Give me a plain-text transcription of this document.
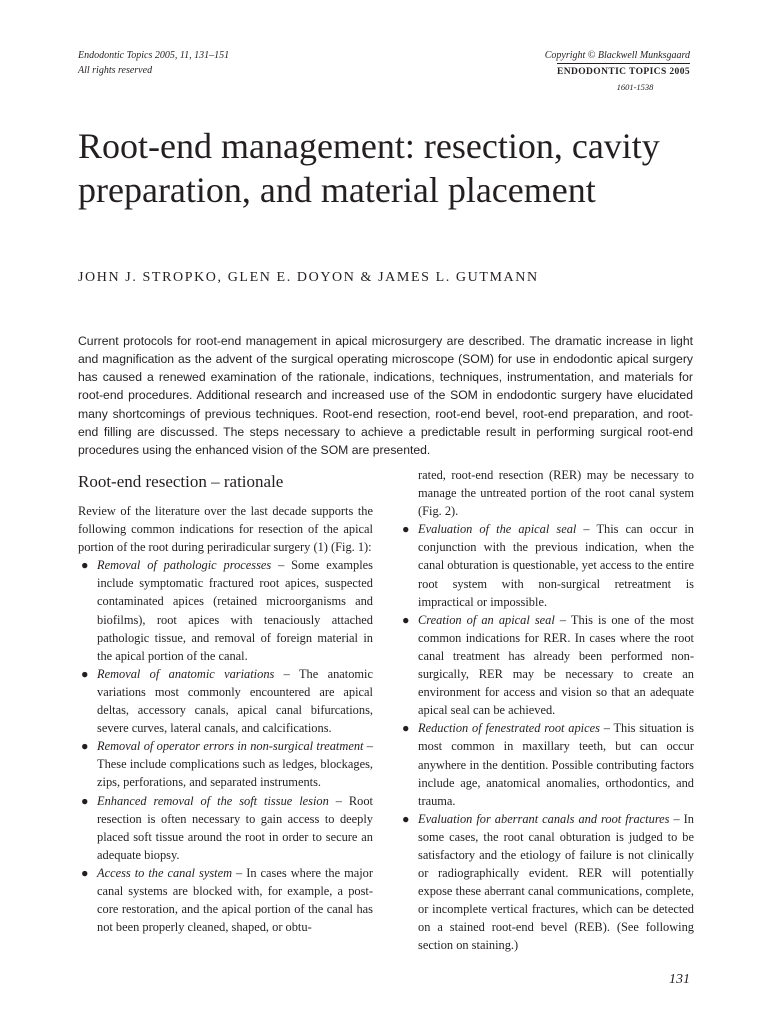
Endodontic Topics 2005, 11, 131–151
All rights reserved
Copyright © Blackwell Munksgaard
ENDODONTIC TOPICS 2005
1601-1538
Root-end management: resection, cavity preparation, and material placement
JOHN J. STROPKO, GLEN E. DOYON & JAMES L. GUTMANN

Current protocols for root-end management in apical microsurgery are described. The dramatic increase in light and magnification as the advent of the surgical operating microscope (SOM) for use in endodontic apical surgery has caused a renewed examination of the rationale, indications, techniques, instrumentation, and materials for root-end procedures. Additional research and increased use of the SOM in endodontic surgery have elucidated many shortcomings of previous techniques. Root-end resection, root-end bevel, root-end preparation, and root-end filling are discussed. The steps necessary to achieve a predictable result in performing surgical root-end procedures using the enhanced vision of the SOM are presented.

Root-end resection – rationale

Review of the literature over the last decade supports the following common indications for resection of the apical portion of the root during periradicular surgery (1) (Fig. 1):

● Removal of pathologic processes – Some examples include symptomatic fractured root apices, suspected contaminated apices (retained microorganisms and biofilms), root apices with tenaciously attached pathologic tissue, and removal of foreign material in the apical portion of the canal.
● Removal of anatomic variations – The anatomic variations most commonly encountered are apical deltas, accessory canals, apical canal bifurcations, severe curves, lateral canals, and calcifications.
● Removal of operator errors in non-surgical treatment – These include complications such as ledges, blockages, zips, perforations, and separated instruments.
● Enhanced removal of the soft tissue lesion – Root resection is often necessary to gain access to deeply placed soft tissue around the root in order to secure an adequate biopsy.
● Access to the canal system – In cases where the major canal systems are blocked with, for example, a post-core restoration, and the apical portion of the canal has not been properly cleaned, shaped, or obtu-

rated, root-end resection (RER) may be necessary to manage the untreated portion of the root canal system (Fig. 2).

● Evaluation of the apical seal – This can occur in conjunction with the previous indication, when the canal obturation is questionable, yet access to the entire root system with non-surgical retreatment is impractical or impossible.
● Creation of an apical seal – This is one of the most common indications for RER. In cases where the root canal treatment has already been performed non-surgically, RER may be necessary to create an environment for access and vision so that an adequate apical seal can be achieved.
● Reduction of fenestrated root apices – This situation is most common in maxillary teeth, but can occur anywhere in the dentition. Possible contributing factors include age, anatomical anomalies, orthodontics, and trauma.
● Evaluation for aberrant canals and root fractures – In some cases, the root canal obturation is judged to be satisfactory and the etiology of failure is not clinically or radiographically evident. RER will potentially expose these aberrant canal communications, complete, or incomplete vertical fractures, which can be detected on a stained root-end bevel (REB). (See following section on staining.)
131
